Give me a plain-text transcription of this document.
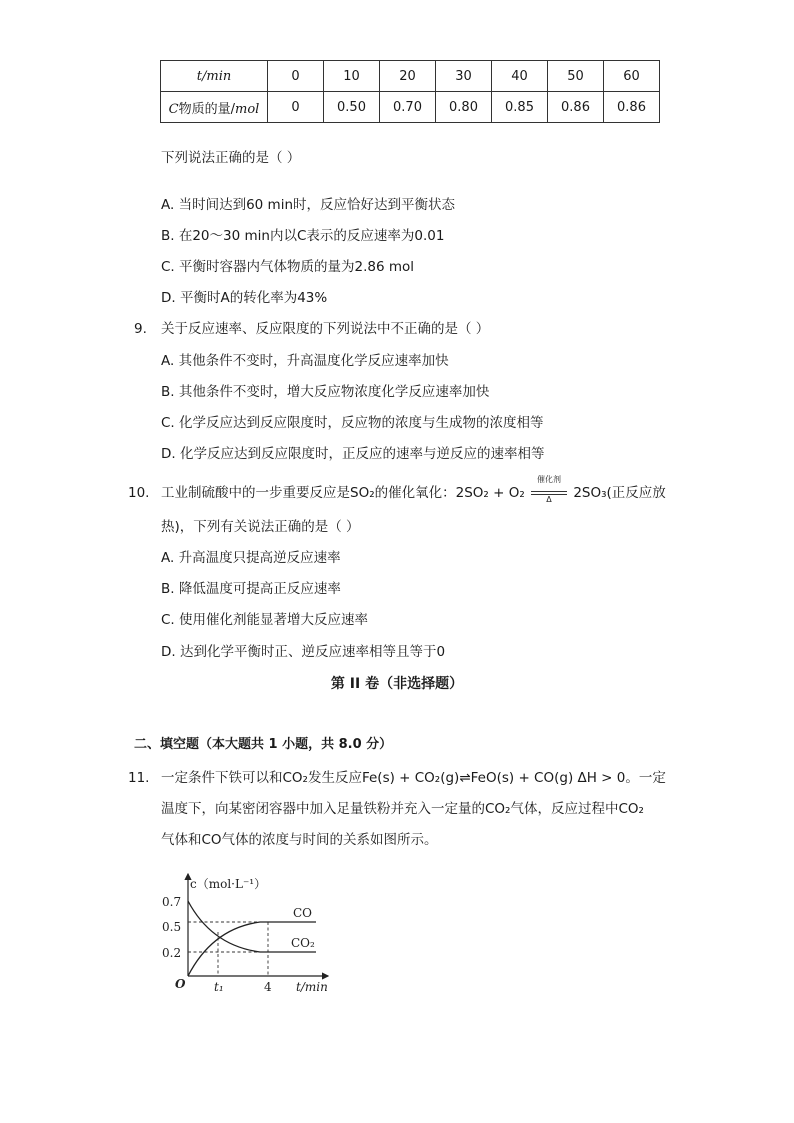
t/min	0	10	20	30	40	50	60
C物质的量/mol	0	0.50	0.70	0.80	0.85	0.86	0.86
下列说法正确的是（ ）
A. 当时间达到60 min时，反应恰好达到平衡状态
B. 在20～30 min内以C表示的反应速率为0.01
C. 平衡时容器内气体物质的量为2.86 mol
D. 平衡时A的转化率为43%
9. 关于反应速率、反应限度的下列说法中不正确的是（ ）
A. 其他条件不变时，升高温度化学反应速率加快
B. 其他条件不变时，增大反应物浓度化学反应速率加快
C. 化学反应达到反应限度时，反应物的浓度与生成物的浓度相等
D. 化学反应达到反应限度时，正反应的速率与逆反应的速率相等
10. 工业制硫酸中的一步重要反应是SO₂的催化氧化：2SO₂ + O₂
催化剂
Δ	2SO₃(正反应放
热)，下列有关说法正确的是（ ）
A. 升高温度只提高逆反应速率
B. 降低温度可提高正反应速率
C. 使用催化剂能显著增大反应速率
D. 达到化学平衡时正、逆反应速率相等且等于0
第 II 卷（非选择题）
二、填空题（本大题共 1 小题，共 8.0 分）
11. 一定条件下铁可以和CO₂发生反应Fe(s) + CO₂(g)⇌FeO(s) + CO(g) ΔH > 0。一定
温度下，向某密闭容器中加入足量铁粉并充入一定量的CO₂气体，反应过程中CO₂
气体和CO气体的浓度与时间的关系如图所示。
c（mol·L⁻¹）
t/min
O
0.7
0.5
0.2
t₁	4
CO
CO₂
